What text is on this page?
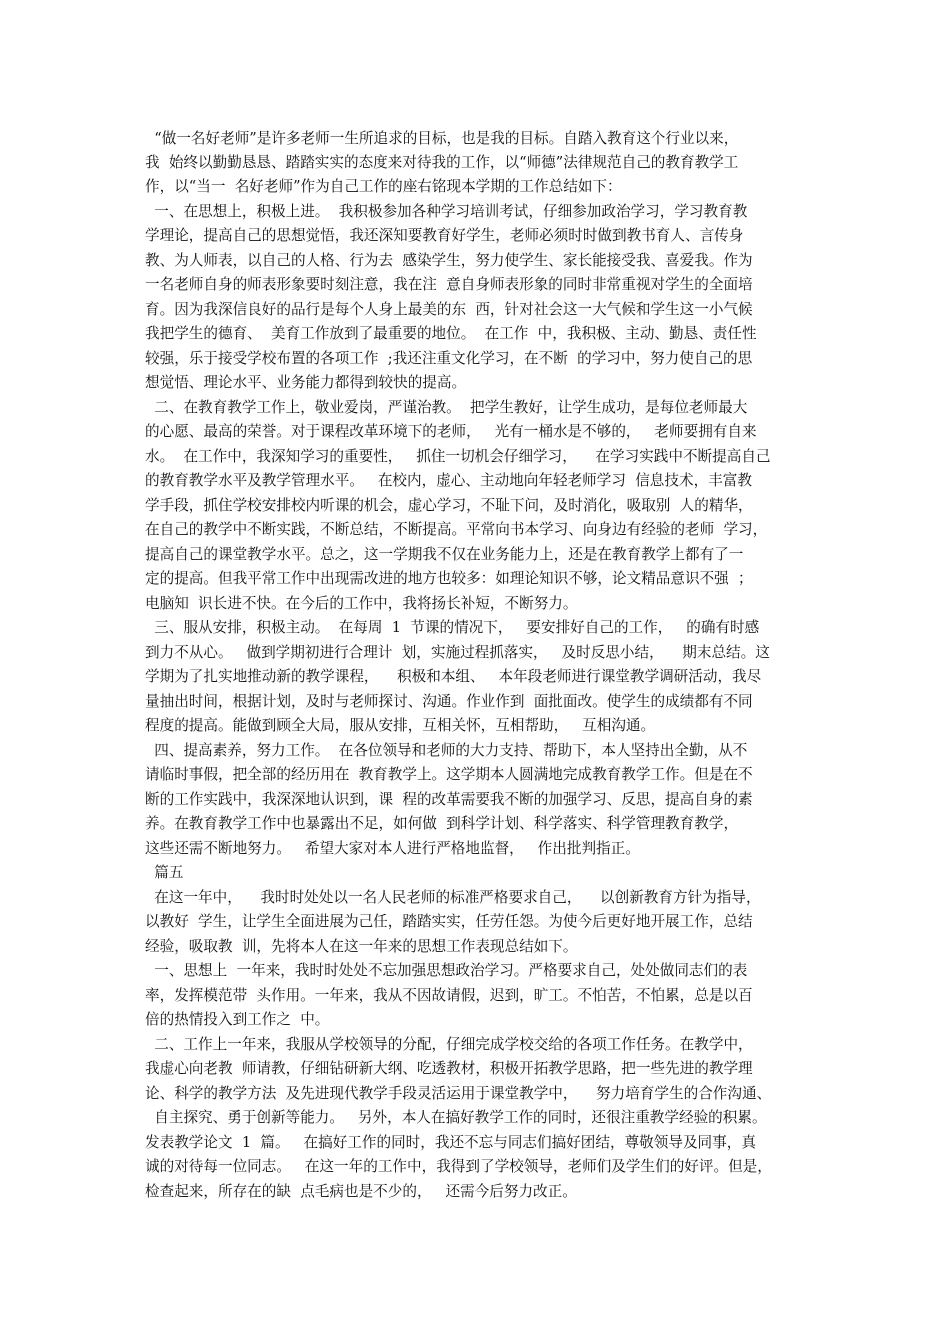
“做一名好老师”是许多老师一生所追求的目标，也是我的目标。自踏入教育这个行业以来，
我  始终以勤勤恳恳、踏踏实实的态度来对待我的工作，以“师德”法律规范自己的教育教学工
作，以“当一  名好老师”作为自己工作的座右铭现本学期的工作总结如下：
一、在思想上，积极上进。  我积极参加各种学习培训考试，仔细参加政治学习，学习教育教
学理论，提高自己的思想觉悟，我还深知要教育好学生，老师必须时时做到教书育人、言传身
教、为人师表，以自己的人格、行为去  感染学生，努力使学生、家长能接受我、喜爱我。作为
一名老师自身的师表形象要时刻注意，我在注  意自身师表形象的同时非常重视对学生的全面培
育。因为我深信良好的品行是每个人身上最美的东  西，针对社会这一大气候和学生这一小气候
我把学生的德育、  美育工作放到了最重要的地位。  在工作  中，我积极、主动、勤恳、责任性
较强，乐于接受学校布置的各项工作  ;我还注重文化学习，在不断  的学习中，努力使自己的思
想觉悟、理论水平、业务能力都得到较快的提高。
二、在教育教学工作上，敬业爱岗，严谨治教。  把学生教好，让学生成功，是每位老师最大
的心愿、最高的荣誉。对于课程改革环境下的老师，   光有一桶水是不够的，   老师要拥有自来
水。  在工作中，我深知学习的重要性，   抓住一切机会仔细学习，    在学习实践中不断提高自己
的教育教学水平及教学管理水平。   在校内，虚心、主动地向年轻老师学习  信息技术，丰富教
学手段，抓住学校安排校内听课的机会，虚心学习，不耻下问，及时消化，吸取别  人的精华，
在自己的教学中不断实践，不断总结，不断提高。平常向书本学习、向身边有经验的老师  学习，
提高自己的课堂教学水平。总之，这一学期我不仅在业务能力上，还是在教育教学上都有了一
定的提高。但我平常工作中出现需改进的地方也较多：如理论知识不够，论文精品意识不强  ；
电脑知  识长进不快。在今后的工作中，我将扬长补短，不断努力。
三、服从安排，积极主动。  在每周  1  节课的情况下，   要安排好自己的工作，   的确有时感
到力不从心。   做到学期初进行合理计  划，实施过程抓落实，   及时反思小结，    期末总结。这
学期为了扎实地推动新的教学课程，    积极和本组、   本年段老师进行课堂教学调研活动，我尽
量抽出时间，根据计划，及时与老师探讨、沟通。作业作到  面批面改。使学生的成绩都有不同
程度的提高。能做到顾全大局，服从安排，互相关怀，互相帮助，   互相沟通。
四、提高素养，努力工作。  在各位领导和老师的大力支持、帮助下，本人坚持出全勤，从不
请临时事假，把全部的经历用在  教育教学上。这学期本人圆满地完成教育教学工作。但是在不
断的工作实践中，我深深地认识到，课  程的改革需要我不断的加强学习、反思，提高自身的素
养。在教育教学工作中也暴露出不足，如何做  到科学计划、科学落实、科学管理教育教学，
这些还需不断地努力。   希望大家对本人进行严格地监督，   作出批判指正。
篇五
在这一年中，    我时时处处以一名人民老师的标准严格要求自己，    以创新教育方针为指导，
以教好  学生，让学生全面进展为己任，踏踏实实，任劳任怨。为使今后更好地开展工作，总结
经验，吸取教  训，先将本人在这一年来的思想工作表现总结如下。
一、思想上  一年来，我时时处处不忘加强思想政治学习。严格要求自己，处处做同志们的表
率，发挥模范带  头作用。一年来，我从不因故请假，迟到，旷工。不怕苦，不怕累，总是以百
倍的热情投入到工作之  中。
二、工作上一年来，我服从学校领导的分配，仔细完成学校交给的各项工作任务。在教学中，
我虚心向老教  师请教，仔细钻研新大纲、吃透教材，积极开拓教学思路，把一些先进的教学理
论、科学的教学方法  及先进现代教学手段灵活运用于课堂教学中，    努力培育学生的合作沟通、
自主探究、勇于创新等能力。   另外，本人在搞好教学工作的同时，还很注重教学经验的积累。
发表教学论文  1  篇。   在搞好工作的同时，我还不忘与同志们搞好团结，尊敬领导及同事，真
诚的对待每一位同志。   在这一年的工作中，我得到了学校领导，老师们及学生们的好评。但是，
检查起来，所存在的缺  点毛病也是不少的，   还需今后努力改正。
